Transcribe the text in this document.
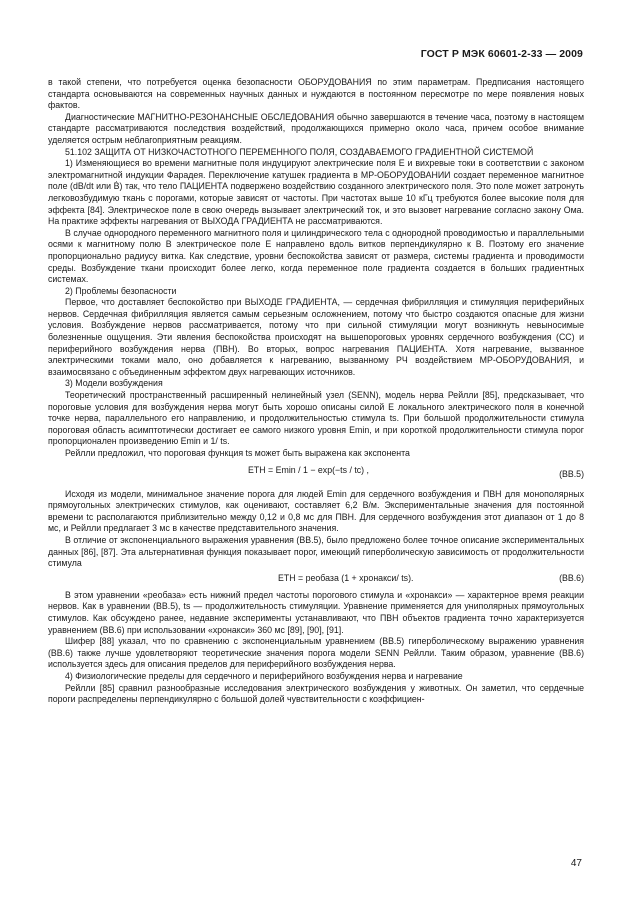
ГОСТ Р МЭК 60601-2-33 — 2009

в такой степени, что потребуется оценка безопасности ОБОРУДОВАНИЯ по этим параметрам. Предписания настоящего стандарта основываются на современных научных данных и нуждаются в постоянном пересмотре по мере появления новых фактов.

Диагностические МАГНИТНО-РЕЗОНАНСНЫЕ ОБСЛЕДОВАНИЯ обычно завершаются в течение часа, поэтому в настоящем стандарте рассматриваются последствия воздействий, продолжающихся примерно около часа, причем особое внимание уделяется острым неблагоприятным реакциям.

51.102 ЗАЩИТА ОТ НИЗКОЧАСТОТНОГО ПЕРЕМЕННОГО ПОЛЯ, СОЗДАВАЕМОГО ГРАДИЕНТНОЙ СИСТЕМОЙ

1) Изменяющиеся во времени магнитные поля индуцируют электрические поля E и вихревые токи в соответствии с законом электромагнитной индукции Фарадея. Переключение катушек градиента в МР-ОБОРУДОВАНИИ создает переменное магнитное поле (dB/dt или Ḃ) так, что тело ПАЦИЕНТА подвержено воздействию созданного электрического поля. Это поле может затронуть легковозбудимую ткань с порогами, которые зависят от частоты. При частотах выше 10 кГц требуются более высокие поля для эффекта [84]. Электрическое поле в свою очередь вызывает электрический ток, и это вызовет нагревание согласно закону Ома. На практике эффекты нагревания от ВЫХОДА ГРАДИЕНТА не рассматриваются.

В случае однородного переменного магнитного поля и цилиндрического тела с однородной проводимостью и параллельными осями к магнитному полю B электрическое поле E направлено вдоль витков перпендикулярно к B. Поэтому его значение пропорционально радиусу витка. Как следствие, уровни беспокойства зависят от размера, системы градиента и проводимости среды. Возбуждение ткани происходит более легко, когда переменное поле градиента создается в больших градиентных системах.

2) Проблемы безопасности

Первое, что доставляет беспокойство при ВЫХОДЕ ГРАДИЕНТА, — сердечная фибрилляция и стимуляция периферийных нервов. Сердечная фибрилляция является самым серьезным осложнением, потому что быстро создаются опасные для жизни условия. Возбуждение нервов рассматривается, потому что при сильной стимуляции могут возникнуть невыносимые болезненные ощущения. Эти явления беспокойства происходят на вышепороговых уровнях сердечного возбуждения (СС) и периферийного возбуждения нерва (ПВН). Во вторых, вопрос нагревания ПАЦИЕНТА. Хотя нагревание, вызванное электрическими токами мало, оно добавляется к нагреванию, вызванному РЧ воздействием МР-ОБОРУДОВАНИЯ, и взаимосвязано с объединенным эффектом двух нагревающих источников.

3) Модели возбуждения

Теоретический пространственный расширенный нелинейный узел (SENN), модель нерва Рейлли [85], предсказывает, что пороговые условия для возбуждения нерва могут быть хорошо описаны силой E локального электрического поля в конечной точке нерва, параллельного его направлению, и продолжительностью стимула ts. При большой продолжительности стимула пороговая область асимптотически достигает ее самого низкого уровня Emin, и при короткой продолжительности стимула порог пропорционален произведению Emin и 1/ ts.

Рейлли предложил, что пороговая функция ts может быть выражена как экспонента

ETH = Emin / 1 − exp(−ts / tc) ,	(ВВ.5)

Исходя из модели, минимальное значение порога для людей Emin для сердечного возбуждения и ПВН для монополярных прямоугольных электрических стимулов, как оценивают, составляет 6,2 В/м. Экспериментальные значения для постоянной времени tc располагаются приблизительно между 0,12 и 0,8 мс для ПВН. Для сердечного возбуждения этот диапазон от 1 до 8 мс, и Рейлли предлагает 3 мс в качестве представительного значения.

В отличие от экспоненциального выражения уравнения (ВВ.5), было предложено более точное описание экспериментальных данных [86], [87]. Эта альтернативная функция показывает порог, имеющий гиперболическую зависимость от продолжительности стимула

ETH = реобаза (1 + хронакси/ ts).	(ВВ.6)

В этом уравнении «реобаза» есть нижний предел частоты порогового стимула и «хронакси» — характерное время реакции нервов. Как в уравнении (ВВ.5), ts — продолжительность стимуляции. Уравнение применяется для униполярных прямоугольных стимулов. Как обсуждено ранее, недавние эксперименты устанавливают, что ПВН объектов градиента точно характеризуется уравнением (ВВ.6) при использовании «хронакси» 360 мс [89], [90], [91].

Шифер [88] указал, что по сравнению с экспоненциальным уравнением (ВВ.5) гиперболическому выражению уравнения (ВВ.6) также лучше удовлетворяют теоретические значения порога модели SENN Рейлли. Таким образом, уравнение (ВВ.6) используется здесь для описания пределов для периферийного возбуждения нерва.

4) Физиологические пределы для сердечного и периферийного возбуждения нерва и нагревание

Рейлли [85] сравнил разнообразные исследования электрического возбуждения у животных. Он заметил, что сердечные пороги распределены перпендикулярно с большой долей чувствительности с коэффициен-

47
